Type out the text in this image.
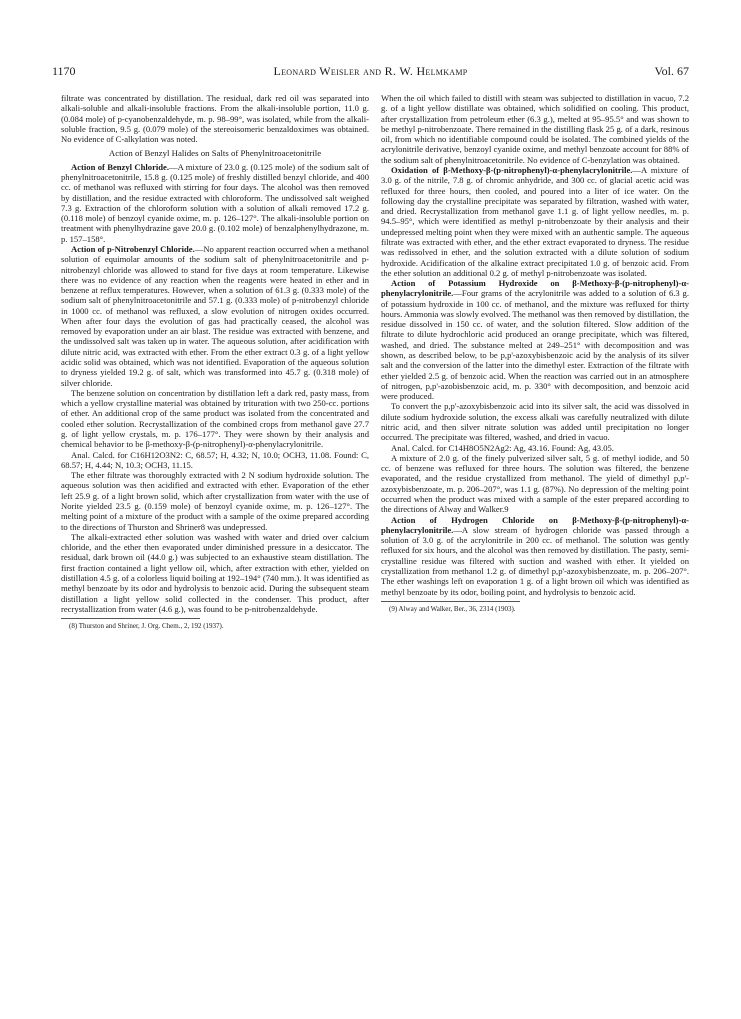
1170	Leonard Weisler and R. W. Helmkamp	Vol. 67

filtrate was concentrated by distillation. The residual, dark red oil was separated into alkali-soluble and alkali-insoluble fractions. From the alkali-insoluble portion, 11.0 g. (0.084 mole) of p-cyanobenzaldehyde, m. p. 98–99°, was isolated, while from the alkali-soluble fraction, 9.5 g. (0.079 mole) of the stereoisomeric benzaldoximes was obtained. No evidence of C-alkylation was noted.

Action of Benzyl Halides on Salts of Phenylnitroacetonitrile

Action of Benzyl Chloride.—A mixture of 23.0 g. (0.125 mole) of the sodium salt of phenylnitroacetonitrile, 15.8 g. (0.125 mole) of freshly distilled benzyl chloride, and 400 cc. of methanol was refluxed with stirring for four days. The alcohol was then removed by distillation, and the residue extracted with chloroform. The undissolved salt weighed 7.3 g. Extraction of the chloroform solution with a solution of alkali removed 17.2 g. (0.118 mole) of benzoyl cyanide oxime, m. p. 126–127°. The alkali-insoluble portion on treatment with phenylhydrazine gave 20.0 g. (0.102 mole) of benzalphenylhydrazone, m. p. 157–158°.

Action of p-Nitrobenzyl Chloride.—No apparent reaction occurred when a methanol solution of equimolar amounts of the sodium salt of phenylnitroacetonitrile and p-nitrobenzyl chloride was allowed to stand for five days at room temperature. Likewise there was no evidence of any reaction when the reagents were heated in ether and in benzene at reflux temperatures. However, when a solution of 61.3 g. (0.333 mole) of the sodium salt of phenylnitroacetonitrile and 57.1 g. (0.333 mole) of p-nitrobenzyl chloride in 1000 cc. of methanol was refluxed, a slow evolution of nitrogen oxides occurred. When after four days the evolution of gas had practically ceased, the alcohol was removed by evaporation under an air blast. The residue was extracted with benzene, and the undissolved salt was taken up in water. The aqueous solution, after acidification with dilute nitric acid, was extracted with ether. From the ether extract 0.3 g. of a light yellow acidic solid was obtained, which was not identified. Evaporation of the aqueous solution to dryness yielded 19.2 g. of salt, which was transformed into 45.7 g. (0.318 mole) of silver chloride.

The benzene solution on concentration by distillation left a dark red, pasty mass, from which a yellow crystalline material was obtained by trituration with two 250-cc. portions of ether. An additional crop of the same product was isolated from the concentrated and cooled ether solution. Recrystallization of the combined crops from methanol gave 27.7 g. of light yellow crystals, m. p. 176–177°. They were shown by their analysis and chemical behavior to be β-methoxy-β-(p-nitrophenyl)-α-phenylacrylonitrile.

Anal. Calcd. for C16H12O3N2: C, 68.57; H, 4.32; N, 10.0; OCH3, 11.08. Found: C, 68.57; H, 4.44; N, 10.3; OCH3, 11.15.

The ether filtrate was thoroughly extracted with 2 N sodium hydroxide solution. The aqueous solution was then acidified and extracted with ether. Evaporation of the ether left 25.9 g. of a light brown solid, which after crystallization from water with the use of Norite yielded 23.5 g. (0.159 mole) of benzoyl cyanide oxime, m. p. 126–127°. The melting point of a mixture of the product with a sample of the oxime prepared according to the directions of Thurston and Shriner8 was undepressed.

The alkali-extracted ether solution was washed with water and dried over calcium chloride, and the ether then evaporated under diminished pressure in a desiccator. The residual, dark brown oil (44.0 g.) was subjected to an exhaustive steam distillation. The first fraction contained a light yellow oil, which, after extraction with ether, yielded on distillation 4.5 g. of a colorless liquid boiling at 192–194° (740 mm.). It was identified as methyl benzoate by its odor and hydrolysis to benzoic acid. During the subsequent steam distillation a light yellow solid collected in the condenser. This product, after recrystallization from water (4.6 g.), was found to be p-nitrobenzaldehyde.

(8) Thurston and Shriner, J. Org. Chem., 2, 192 (1937).

When the oil which failed to distill with steam was subjected to distillation in vacuo, 7.2 g. of a light yellow distillate was obtained, which solidified on cooling. This product, after crystallization from petroleum ether (6.3 g.), melted at 95–95.5° and was shown to be methyl p-nitrobenzoate. There remained in the distilling flask 25 g. of a dark, resinous oil, from which no identifiable compound could be isolated. The combined yields of the acrylonitrile derivative, benzoyl cyanide oxime, and methyl benzoate account for 88% of the sodium salt of phenylnitroacetonitrile. No evidence of C-benzylation was obtained.

Oxidation of β-Methoxy-β-(p-nitrophenyl)-α-phenylacrylonitrile.—A mixture of 3.0 g. of the nitrile, 7.8 g. of chromic anhydride, and 300 cc. of glacial acetic acid was refluxed for three hours, then cooled, and poured into a liter of ice water. On the following day the crystalline precipitate was separated by filtration, washed with water, and dried. Recrystallization from methanol gave 1.1 g. of light yellow needles, m. p. 94.5–95°, which were identified as methyl p-nitrobenzoate by their analysis and their undepressed melting point when they were mixed with an authentic sample. The aqueous filtrate was extracted with ether, and the ether extract evaporated to dryness. The residue was redissolved in ether, and the solution extracted with a dilute solution of sodium hydroxide. Acidification of the alkaline extract precipitated 1.0 g. of benzoic acid. From the ether solution an additional 0.2 g. of methyl p-nitrobenzoate was isolated.

Action of Potassium Hydroxide on β-Methoxy-β-(p-nitrophenyl)-α-phenylacrylonitrile.—Four grams of the acrylonitrile was added to a solution of 6.3 g. of potassium hydroxide in 100 cc. of methanol, and the mixture was refluxed for thirty hours. Ammonia was slowly evolved. The methanol was then removed by distillation, the residue dissolved in 150 cc. of water, and the solution filtered. Slow addition of the filtrate to dilute hydrochloric acid produced an orange precipitate, which was filtered, washed, and dried. The substance melted at 249–251° with decomposition and was shown, as described below, to be p,p'-azoxybisbenzoic acid by the analysis of its silver salt and the conversion of the latter into the dimethyl ester. Extraction of the filtrate with ether yielded 2.5 g. of benzoic acid. When the reaction was carried out in an atmosphere of nitrogen, p,p'-azobisbenzoic acid, m. p. 330° with decomposition, and benzoic acid were produced.

To convert the p,p'-azoxybisbenzoic acid into its silver salt, the acid was dissolved in dilute sodium hydroxide solution, the excess alkali was carefully neutralized with dilute nitric acid, and then silver nitrate solution was added until precipitation no longer occurred. The precipitate was filtered, washed, and dried in vacuo.

Anal. Calcd. for C14H8O5N2Ag2: Ag, 43.16. Found: Ag, 43.05.

A mixture of 2.0 g. of the finely pulverized silver salt, 5 g. of methyl iodide, and 50 cc. of benzene was refluxed for three hours. The solution was filtered, the benzene evaporated, and the residue crystallized from methanol. The yield of dimethyl p,p'-azoxybisbenzoate, m. p. 206–207°, was 1.1 g. (87%). No depression of the melting point occurred when the product was mixed with a sample of the ester prepared according to the directions of Alway and Walker.9

Action of Hydrogen Chloride on β-Methoxy-β-(p-nitrophenyl)-α-phenylacrylonitrile.—A slow stream of hydrogen chloride was passed through a solution of 3.0 g. of the acrylonitrile in 200 cc. of methanol. The solution was gently refluxed for six hours, and the alcohol was then removed by distillation. The pasty, semi-crystalline residue was filtered with suction and washed with ether. It yielded on crystallization from methanol 1.2 g. of dimethyl p,p'-azoxybisbenzoate, m. p. 206–207°. The ether washings left on evaporation 1 g. of a light brown oil which was identified as methyl benzoate by its odor, boiling point, and hydrolysis to benzoic acid.

(9) Alway and Walker, Ber., 36, 2314 (1903).
